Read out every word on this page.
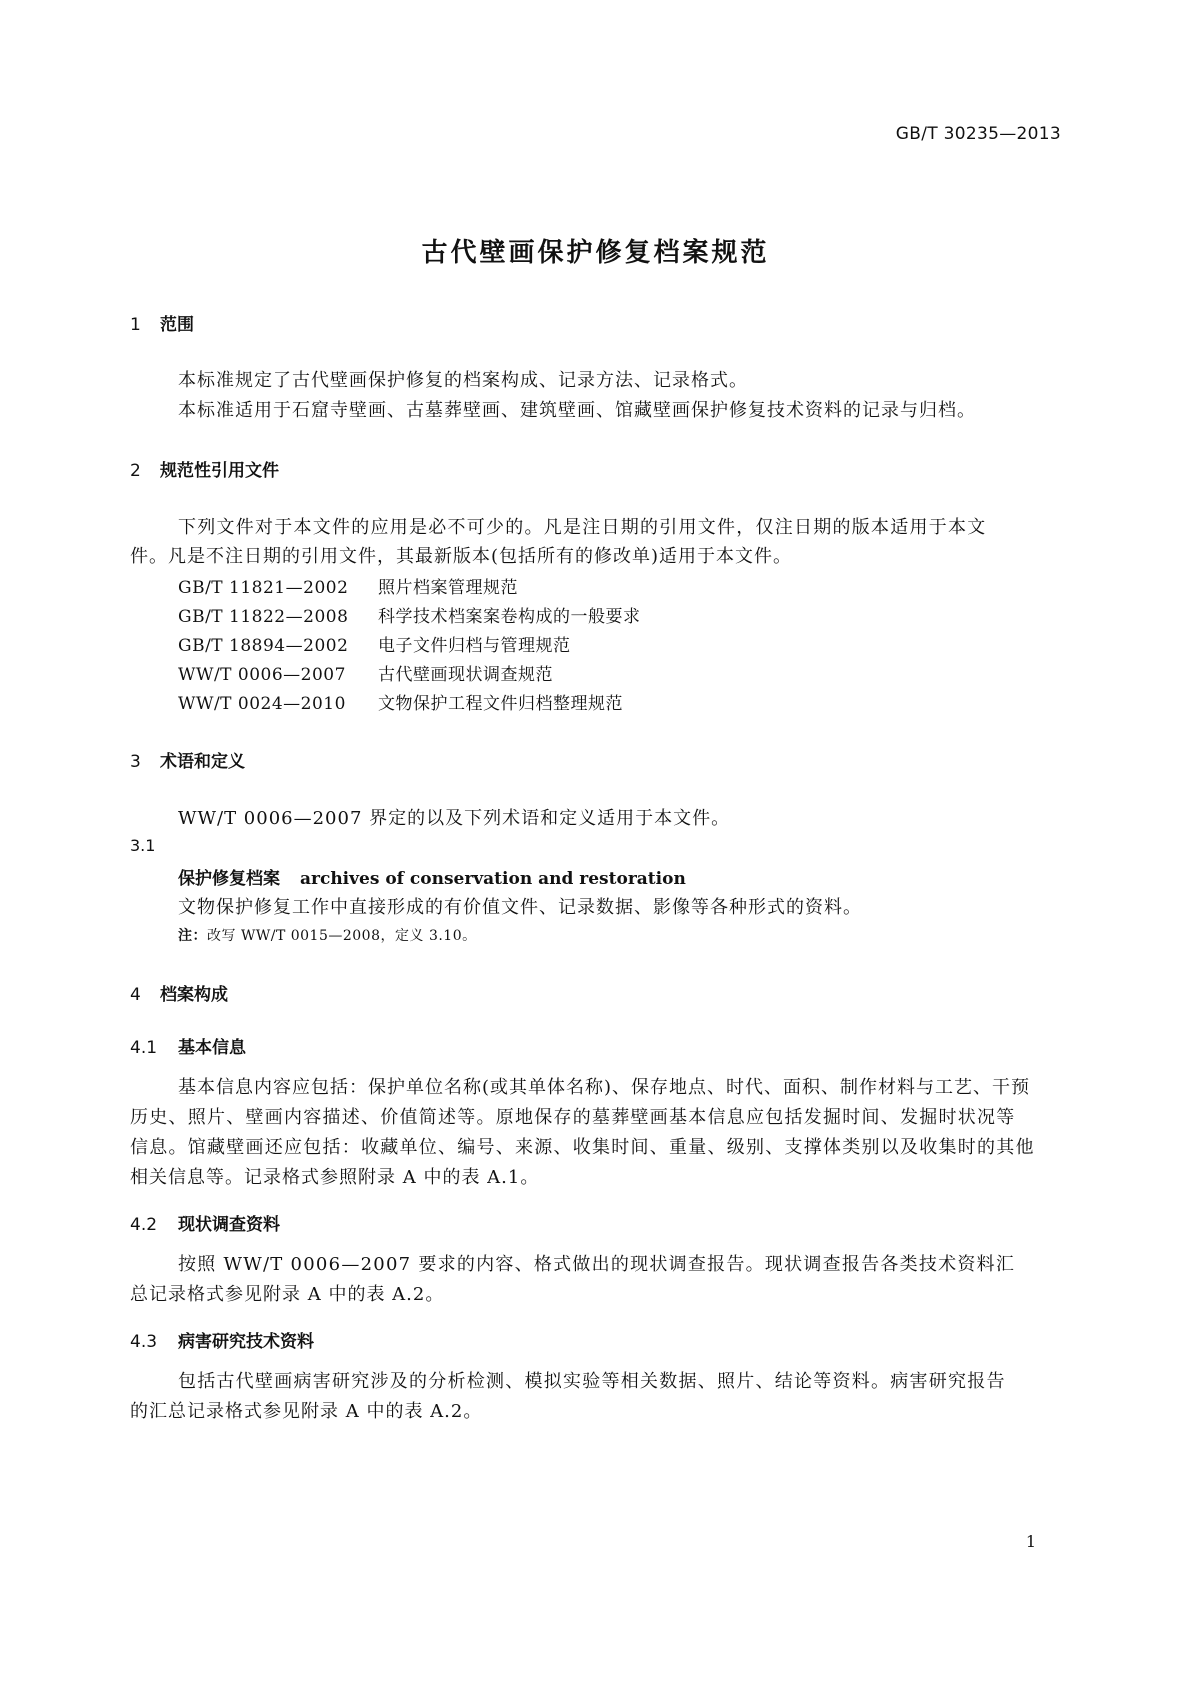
GB/T 30235—2013
古代壁画保护修复档案规范
1 范围
本标准规定了古代壁画保护修复的档案构成、记录方法、记录格式。
本标准适用于石窟寺壁画、古墓葬壁画、建筑壁画、馆藏壁画保护修复技术资料的记录与归档。
2 规范性引用文件
下列文件对于本文件的应用是必不可少的。凡是注日期的引用文件，仅注日期的版本适用于本文
件。凡是不注日期的引用文件，其最新版本(包括所有的修改单)适用于本文件。
GB/T 11821—2002 照片档案管理规范
GB/T 11822—2008 科学技术档案案卷构成的一般要求
GB/T 18894—2002 电子文件归档与管理规范
WW/T 0006—2007 古代壁画现状调查规范
WW/T 0024—2010 文物保护工程文件归档整理规范
3 术语和定义
WW/T 0006—2007 界定的以及下列术语和定义适用于本文件。
3.1
保护修复档案 archives of conservation and restoration
文物保护修复工作中直接形成的有价值文件、记录数据、影像等各种形式的资料。
注：改写 WW/T 0015—2008，定义 3.10。
4 档案构成
4.1 基本信息
基本信息内容应包括：保护单位名称(或其单体名称)、保存地点、时代、面积、制作材料与工艺、干预
历史、照片、壁画内容描述、价值简述等。原地保存的墓葬壁画基本信息应包括发掘时间、发掘时状况等
信息。馆藏壁画还应包括：收藏单位、编号、来源、收集时间、重量、级别、支撑体类别以及收集时的其他
相关信息等。记录格式参照附录 A 中的表 A.1。
4.2 现状调查资料
按照 WW/T 0006—2007 要求的内容、格式做出的现状调查报告。现状调查报告各类技术资料汇
总记录格式参见附录 A 中的表 A.2。
4.3 病害研究技术资料
包括古代壁画病害研究涉及的分析检测、模拟实验等相关数据、照片、结论等资料。病害研究报告
的汇总记录格式参见附录 A 中的表 A.2。
1
